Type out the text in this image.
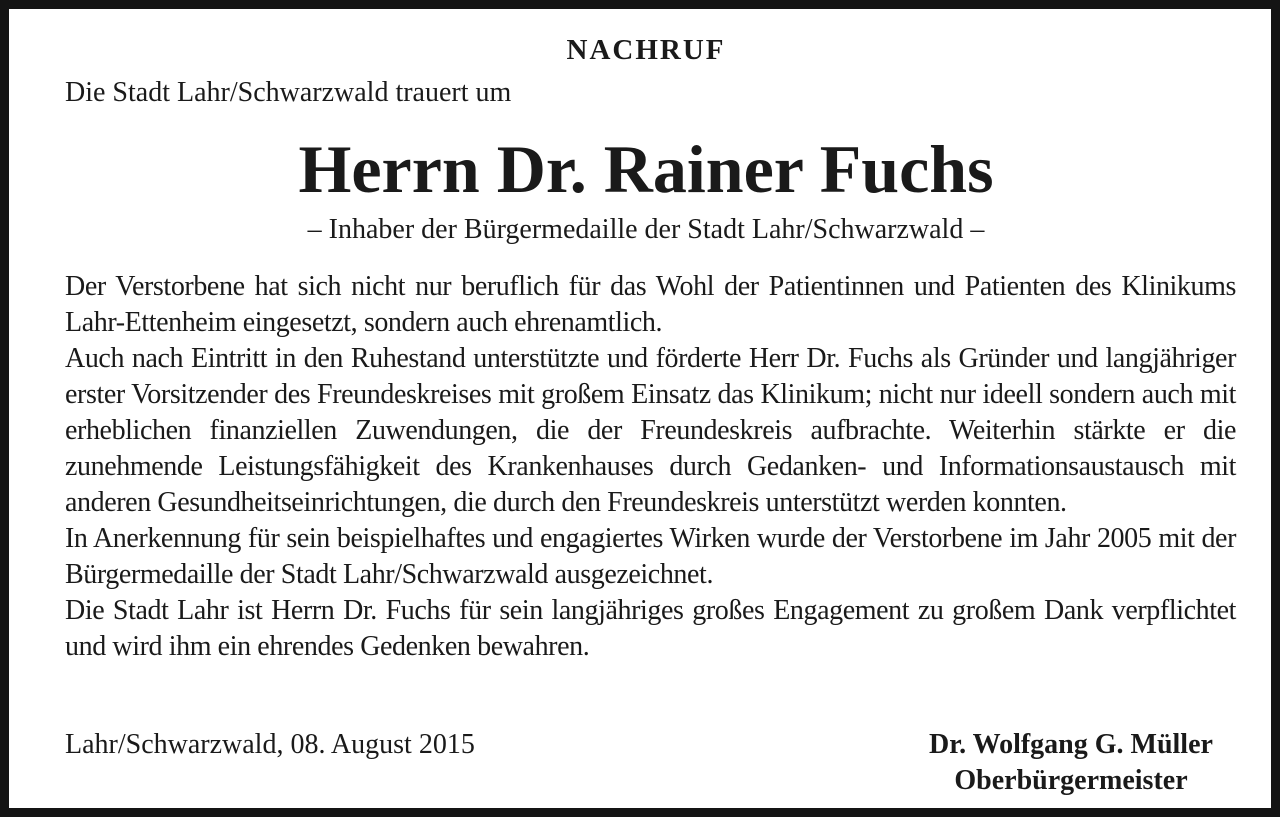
NACHRUF

Die Stadt Lahr/Schwarzwald trauert um

Herrn Dr. Rainer Fuchs

– Inhaber der Bürgermedaille der Stadt Lahr/Schwarzwald –

Der Verstorbene hat sich nicht nur beruflich für das Wohl der Patientinnen und Patienten des Klinikums Lahr-Ettenheim eingesetzt, sondern auch ehrenamtlich.

Auch nach Eintritt in den Ruhestand unterstützte und förderte Herr Dr. Fuchs als Gründer und langjähriger erster Vorsitzender des Freundeskreises mit großem Einsatz das Klinikum; nicht nur ideell sondern auch mit erheblichen finanziellen Zuwendungen, die der Freundeskreis aufbrachte. Weiterhin stärkte er die zunehmende Leistungsfähigkeit des Krankenhauses durch Gedanken- und Informationsaustausch mit anderen Gesundheitseinrichtungen, die durch den Freundeskreis unterstützt werden konnten.

In Anerkennung für sein beispielhaftes und engagiertes Wirken wurde der Verstorbene im Jahr 2005 mit der Bürgermedaille der Stadt Lahr/Schwarzwald ausgezeichnet.

Die Stadt Lahr ist Herrn Dr. Fuchs für sein langjähriges großes Engagement zu großem Dank verpflichtet und wird ihm ein ehrendes Gedenken bewahren.

Lahr/Schwarzwald, 08. August 2015	Dr. Wolfgang G. Müller
Oberbürgermeister
